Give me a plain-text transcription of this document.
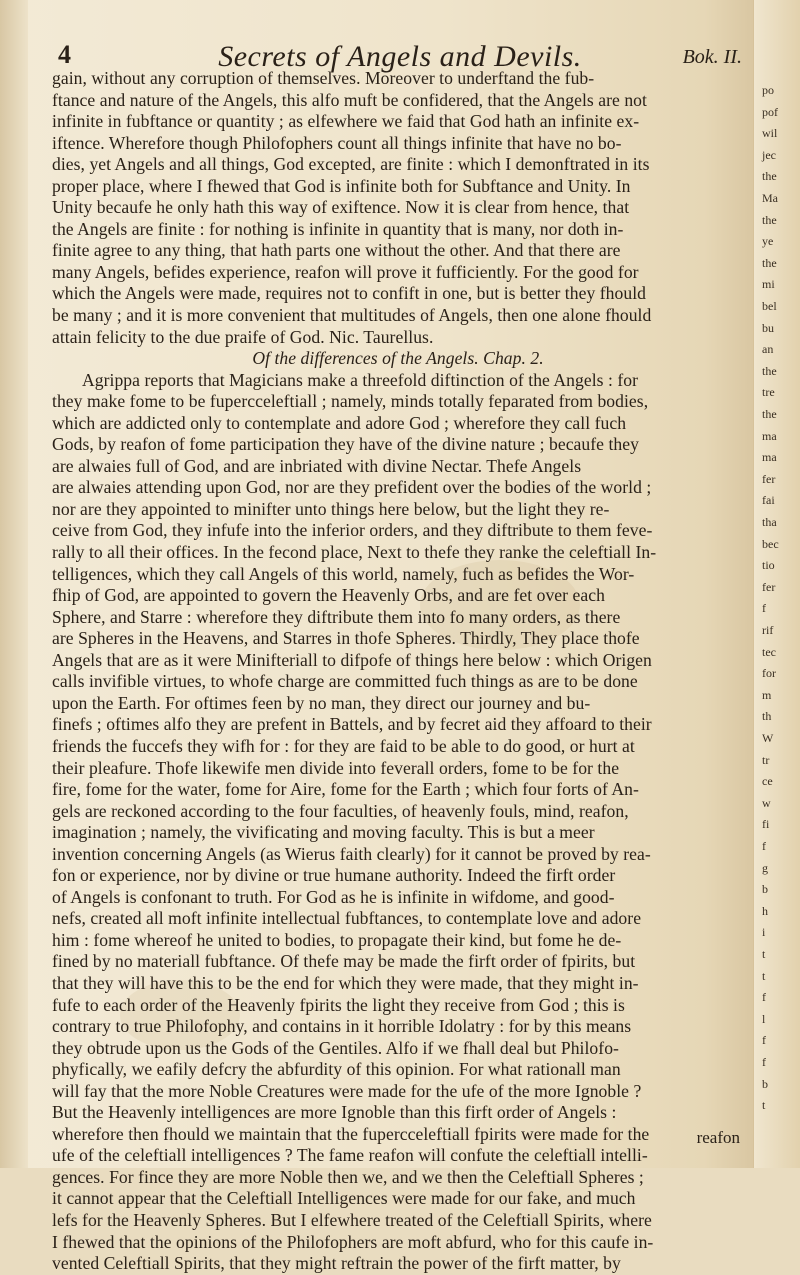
4	Secrets of Angels and Devils.	Bok. II.
gain, without any corruption of themselves. Moreover to underftand the fub-
ftance and nature of the Angels, this alfo muft be confidered, that the Angels are not
infinite in fubftance or quantity ; as elfewhere we faid that God hath an infinite ex-
iftence. Wherefore though Philofophers count all things infinite that have no bo-
dies, yet Angels and all things, God excepted, are finite : which I demonftrated in its
proper place, where I fhewed that God is infinite both for Subftance and Unity. In
Unity becaufe he only hath this way of exiftence. Now it is clear from hence, that
the Angels are finite : for nothing is infinite in quantity that is many, nor doth in-
finite agree to any thing, that hath parts one without the other. And that there are
many Angels, befides experience, reafon will prove it fufficiently. For the good for
which the Angels were made, requires not to confift in one, but is better they fhould
be many ; and it is more convenient that multitudes of Angels, then one alone fhould
attain felicity to the due praife of God. Nic. Taurellus.
Of the differences of the Angels. Chap. 2.
Agrippa reports that Magicians make a threefold diftinction of the Angels : for
they make fome to be fupercceleftiall ; namely, minds totally feparated from bodies,
which are addicted only to contemplate and adore God ; wherefore they call fuch
Gods, by reafon of fome participation they have of the divine nature ; becaufe they
are alwaies full of God, and are inbriated with divine Nectar. Thefe Angels
are alwaies attending upon God, nor are they prefident over the bodies of the world ;
nor are they appointed to minifter unto things here below, but the light they re-
ceive from God, they infufe into the inferior orders, and they diftribute to them feve-
rally to all their offices. In the fecond place, Next to thefe they ranke the celeftiall In-
telligences, which they call Angels of this world, namely, fuch as befides the Wor-
fhip of God, are appointed to govern the Heavenly Orbs, and are fet over each
Sphere, and Starre : wherefore they diftribute them into fo many orders, as there
are Spheres in the Heavens, and Starres in thofe Spheres. Thirdly, They place thofe
Angels that are as it were Minifteriall to difpofe of things here below : which Origen
calls invifible virtues, to whofe charge are committed fuch things as are to be done
upon the Earth. For oftimes feen by no man, they direct our journey and bu-
finefs ; oftimes alfo they are prefent in Battels, and by fecret aid they affoard to their
friends the fuccefs they wifh for : for they are faid to be able to do good, or hurt at
their pleafure. Thofe likewife men divide into feverall orders, fome to be for the
fire, fome for the water, fome for Aire, fome for the Earth ; which four forts of An-
gels are reckoned according to the four faculties, of heavenly fouls, mind, reafon,
imagination ; namely, the vivificating and moving faculty. This is but a meer
invention concerning Angels (as Wierus faith clearly) for it cannot be proved by rea-
fon or experience, nor by divine or true humane authority. Indeed the firft order
of Angels is confonant to truth. For God as he is infinite in wifdome, and good-
nefs, created all moft infinite intellectual fubftances, to contemplate love and adore
him : fome whereof he united to bodies, to propagate their kind, but fome he de-
fined by no materiall fubftance. Of thefe may be made the firft order of fpirits, but
that they will have this to be the end for which they were made, that they might in-
fufe to each order of the Heavenly fpirits the light they receive from God ; this is
contrary to true Philofophy, and contains in it horrible Idolatry : for by this means
they obtrude upon us the Gods of the Gentiles. Alfo if we fhall deal but Philofo-
phyfically, we eafily defcry the abfurdity of this opinion. For what rationall man
will fay that the more Noble Creatures were made for the ufe of the more Ignoble ?
But the Heavenly intelligences are more Ignoble than this firft order of Angels :
wherefore then fhould we maintain that the fupercceleftiall fpirits were made for the
ufe of the celeftiall intelligences ? The fame reafon will confute the celeftiall intelli-
gences. For fince they are more Noble then we, and we then the Celeftiall Spheres ;
it cannot appear that the Celeftiall Intelligences were made for our fake, and much
lefs for the Heavenly Spheres. But I elfewhere treated of the Celeftiall Spirits, where
I fhewed that the opinions of the Philofophers are moft abfurd, who for this caufe in-
vented Celeftiall Spirits, that they might reftrain the power of the firft matter, by
reafon
po
pof
wil
jec
the
Ma
the
ye
the
mi
bel
bu
an
the
tre
the
ma
ma
fer
fai
tha
bec
tio
fer
f
rif
tec
for
m
th
W
tr
ce
w
fi
f
g
b
h
i
t
t
f
l
f
f
b
t
